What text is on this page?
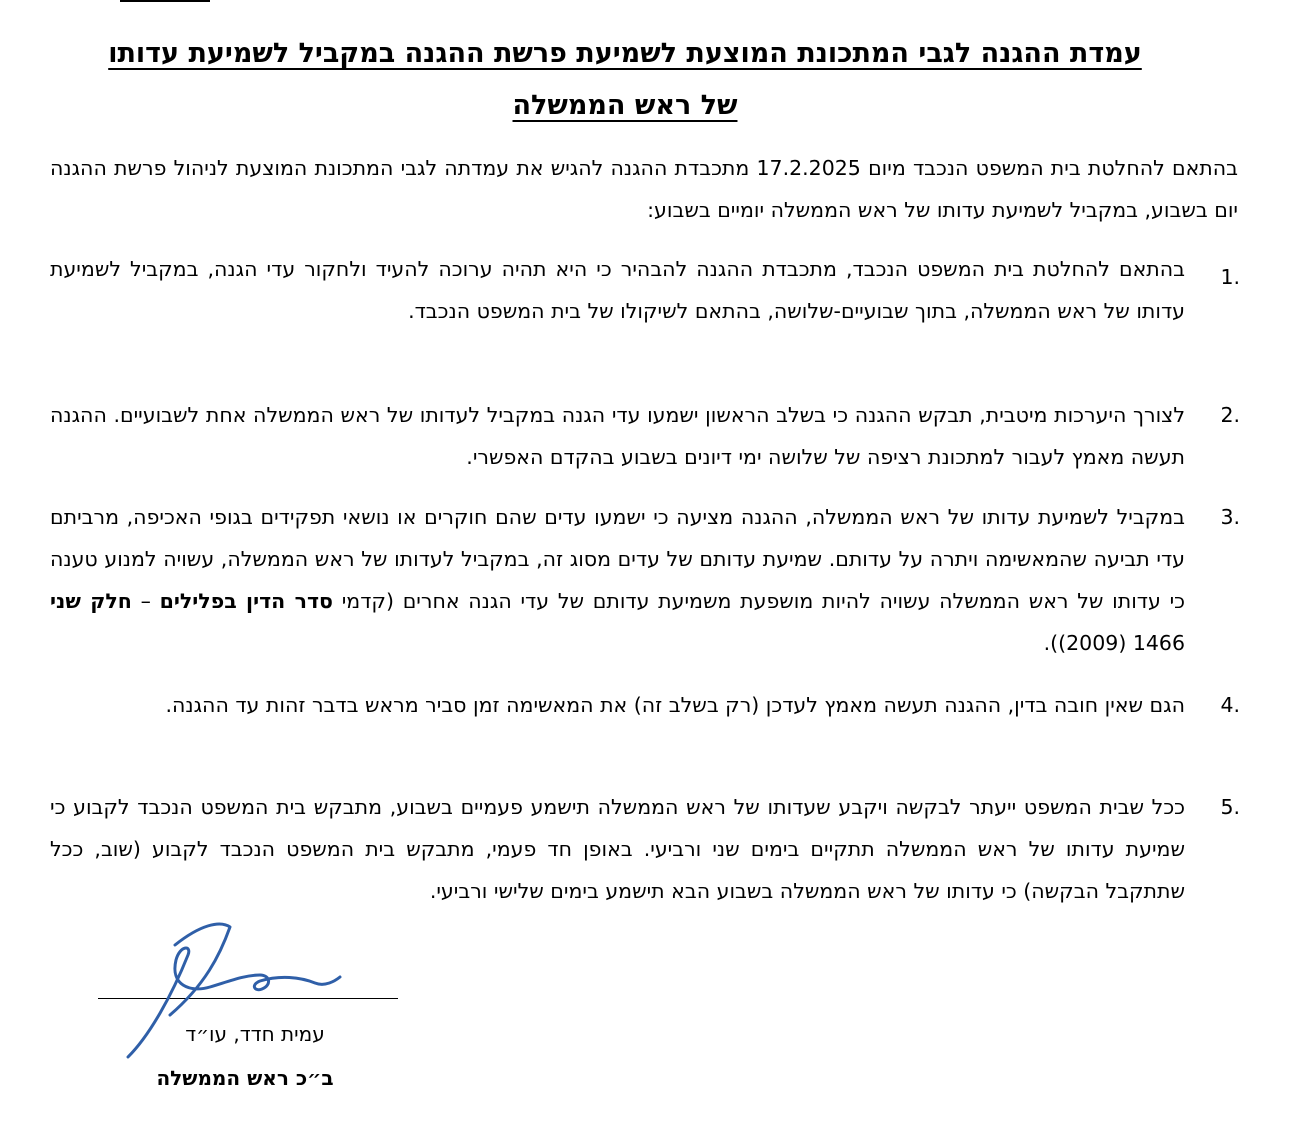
עמדת ההגנה לגבי המתכונת המוצעת לשמיעת פרשת ההגנה במקביל לשמיעת עדותו
של ראש הממשלה
בהתאם להחלטת בית המשפט הנכבד מיום 17.2.2025 מתכבדת ההגנה להגיש את עמדתה לגבי המתכונת המוצעת לניהול פרשת ההגנה יום בשבוע, במקביל לשמיעת עדותו של ראש הממשלה יומיים בשבוע:
1.
בהתאם להחלטת בית המשפט הנכבד, מתכבדת ההגנה להבהיר כי היא תהיה ערוכה להעיד ולחקור עדי הגנה, במקביל לשמיעת עדותו של ראש הממשלה, בתוך שבועיים-שלושה, בהתאם לשיקולו של בית המשפט הנכבד.
2.
לצורך היערכות מיטבית, תבקש ההגנה כי בשלב הראשון ישמעו עדי הגנה במקביל לעדותו של ראש הממשלה אחת לשבועיים. ההגנה תעשה מאמץ לעבור למתכונת רציפה של שלושה ימי דיונים בשבוע בהקדם האפשרי.
3.
במקביל לשמיעת עדותו של ראש הממשלה, ההגנה מציעה כי ישמעו עדים שהם חוקרים או נושאי תפקידים בגופי האכיפה, מרביתם עדי תביעה שהמאשימה ויתרה על עדותם. שמיעת עדותם של עדים מסוג זה, במקביל לעדותו של ראש הממשלה, עשויה למנוע טענה כי עדותו של ראש הממשלה עשויה להיות מושפעת משמיעת עדותם של עדי הגנה אחרים (קדמי סדר הדין בפלילים – חלק שני 1466 (2009)).
4.
הגם שאין חובה בדין, ההגנה תעשה מאמץ לעדכן (רק בשלב זה) את המאשימה זמן סביר מראש בדבר זהות עד ההגנה.
5.
ככל שבית המשפט ייעתר לבקשה ויקבע שעדותו של ראש הממשלה תישמע פעמיים בשבוע, מתבקש בית המשפט הנכבד לקבוע כי שמיעת עדותו של ראש הממשלה תתקיים בימים שני ורביעי. באופן חד פעמי, מתבקש בית המשפט הנכבד לקבוע (שוב, ככל שתתקבל הבקשה) כי עדותו של ראש הממשלה בשבוע הבא תישמע בימים שלישי ורביעי.
עמית חדד, עו״ד
ב״כ ראש הממשלה
